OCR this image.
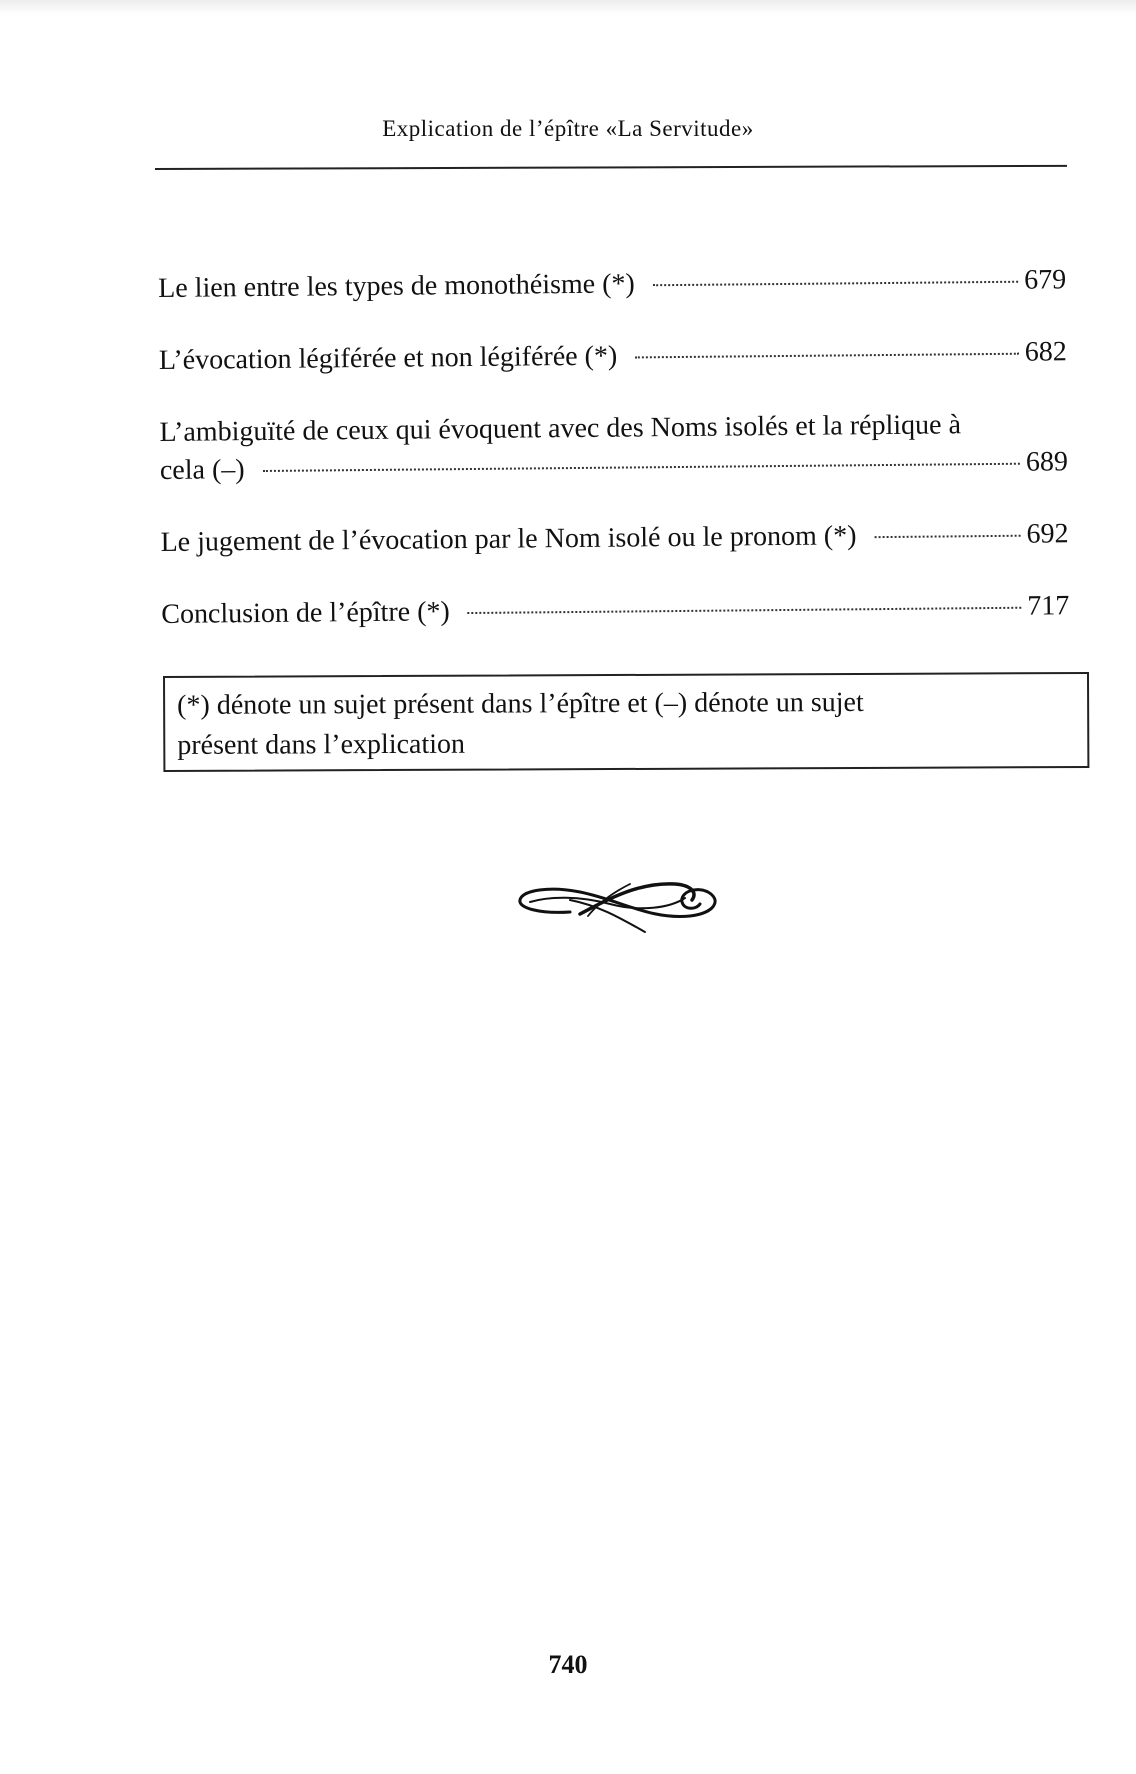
Explication de l’épître «La Servitude»
Le lien entre les types de monothéisme (*)	679
L’évocation légiférée et non légiférée (*)	682
L’ambiguïté de ceux qui évoquent avec des Noms isolés et la réplique à
cela (–)	689
Le jugement de l’évocation par le Nom isolé ou le pronom (*)	692
Conclusion de l’épître (*)	717
(*) dénote un sujet présent dans l’épître et (–) dénote un sujet
présent dans l’explication
740
